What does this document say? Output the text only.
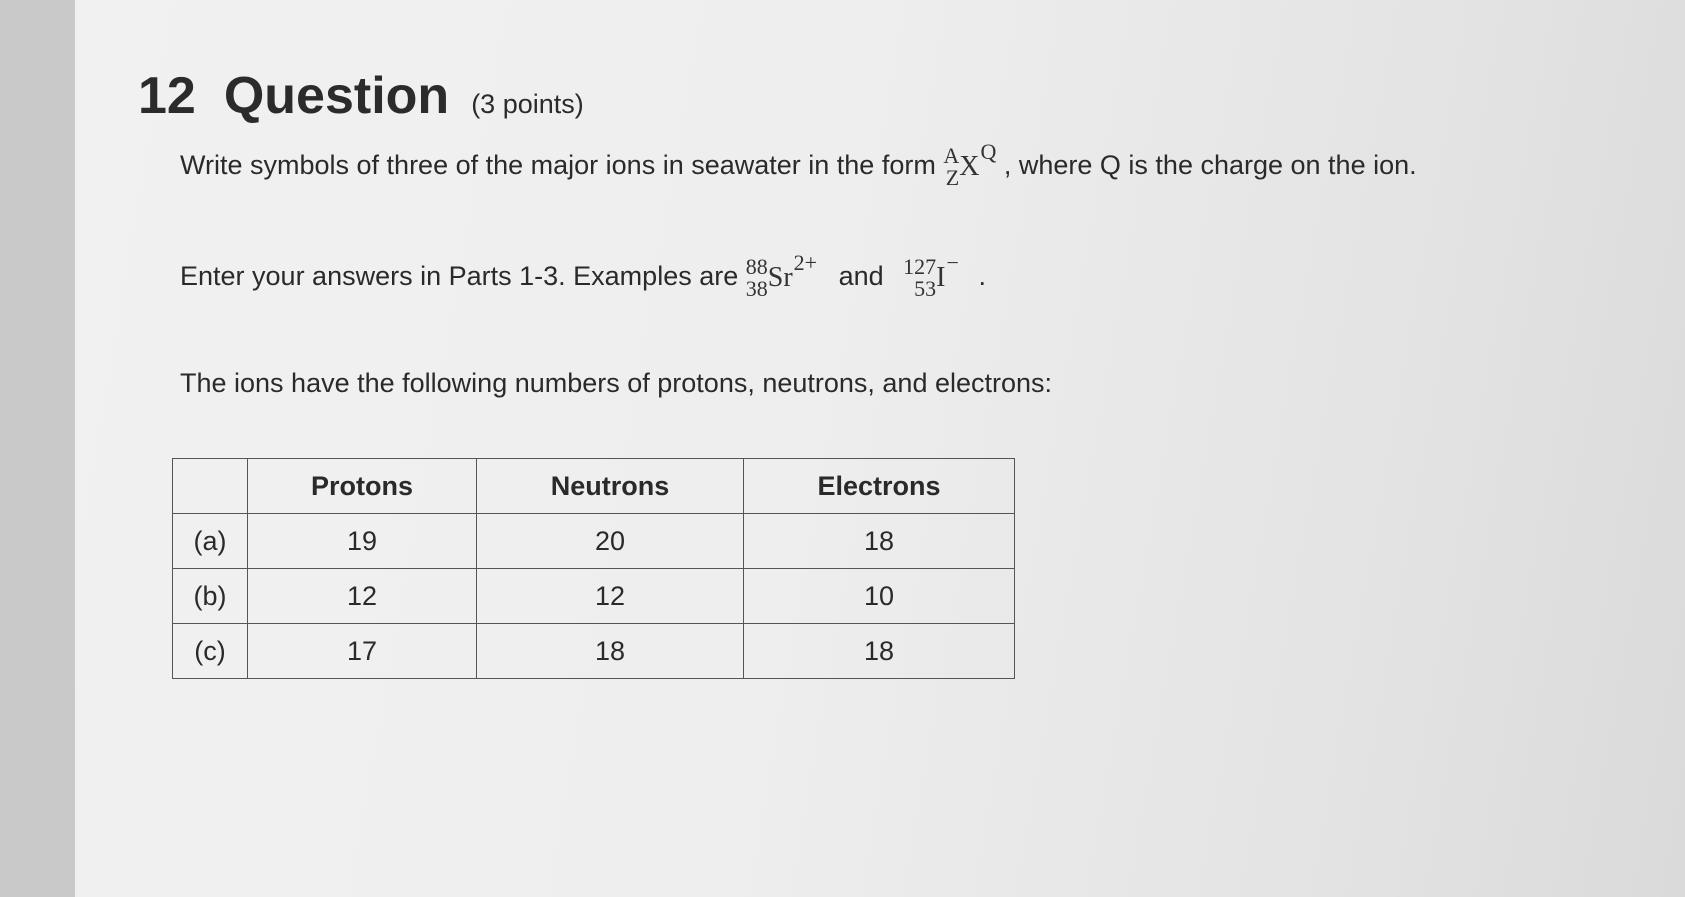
12 Question (3 points)
Write symbols of three of the major ions in seawater in the form A
Z $X^Q$ , where Q is the charge on the ion.
Enter your answers in Parts 1-3. Examples are 88
38 $Sr^{2+}$ and 127
53 I− .
The ions have the following numbers of protons, neutrons, and electrons:
	Protons	Neutrons	Electrons
(a)	19	20	18
(b)	12	12	10
(c)	17	18	18
